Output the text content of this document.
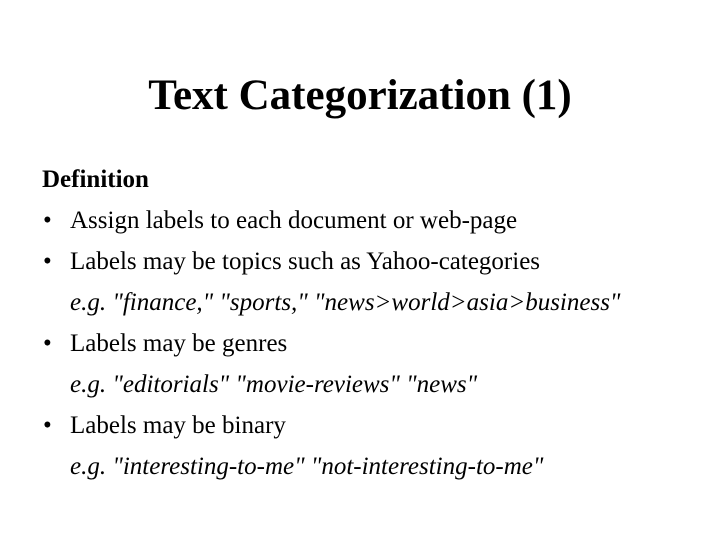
Text Categorization (1)
Definition
• Assign labels to each document or web-page
• Labels may be topics such as Yahoo-categories
e.g. "finance," "sports," "news>world>asia>business"
• Labels may be genres
e.g. "editorials" "movie-reviews" "news"
• Labels may be binary
e.g. "interesting-to-me" "not-interesting-to-me"
